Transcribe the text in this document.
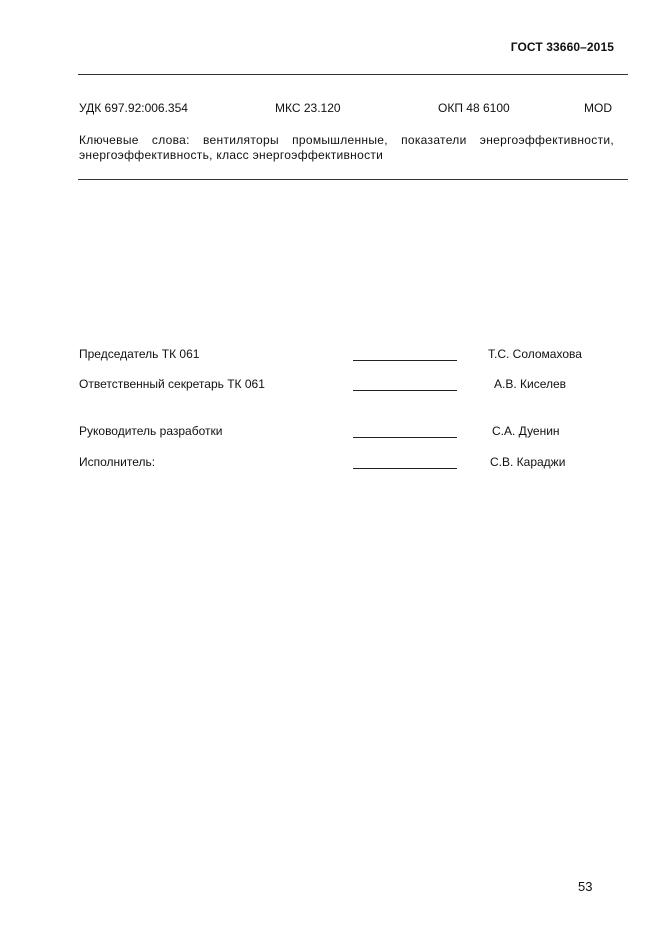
ГОСТ 33660–2015
УДК 697.92:006.354	МКС 23.120	ОКП 48 6100	MOD
Ключевые слова: вентиляторы промышленные, показатели энергоэффективности,
энергоэффективность, класс энергоэффективности
Председатель ТК 061	Т.С. Соломахова
Ответственный секретарь ТК 061	А.В. Киселев
Руководитель разработки	С.А. Дуенин
Исполнитель:	С.В. Караджи
53
